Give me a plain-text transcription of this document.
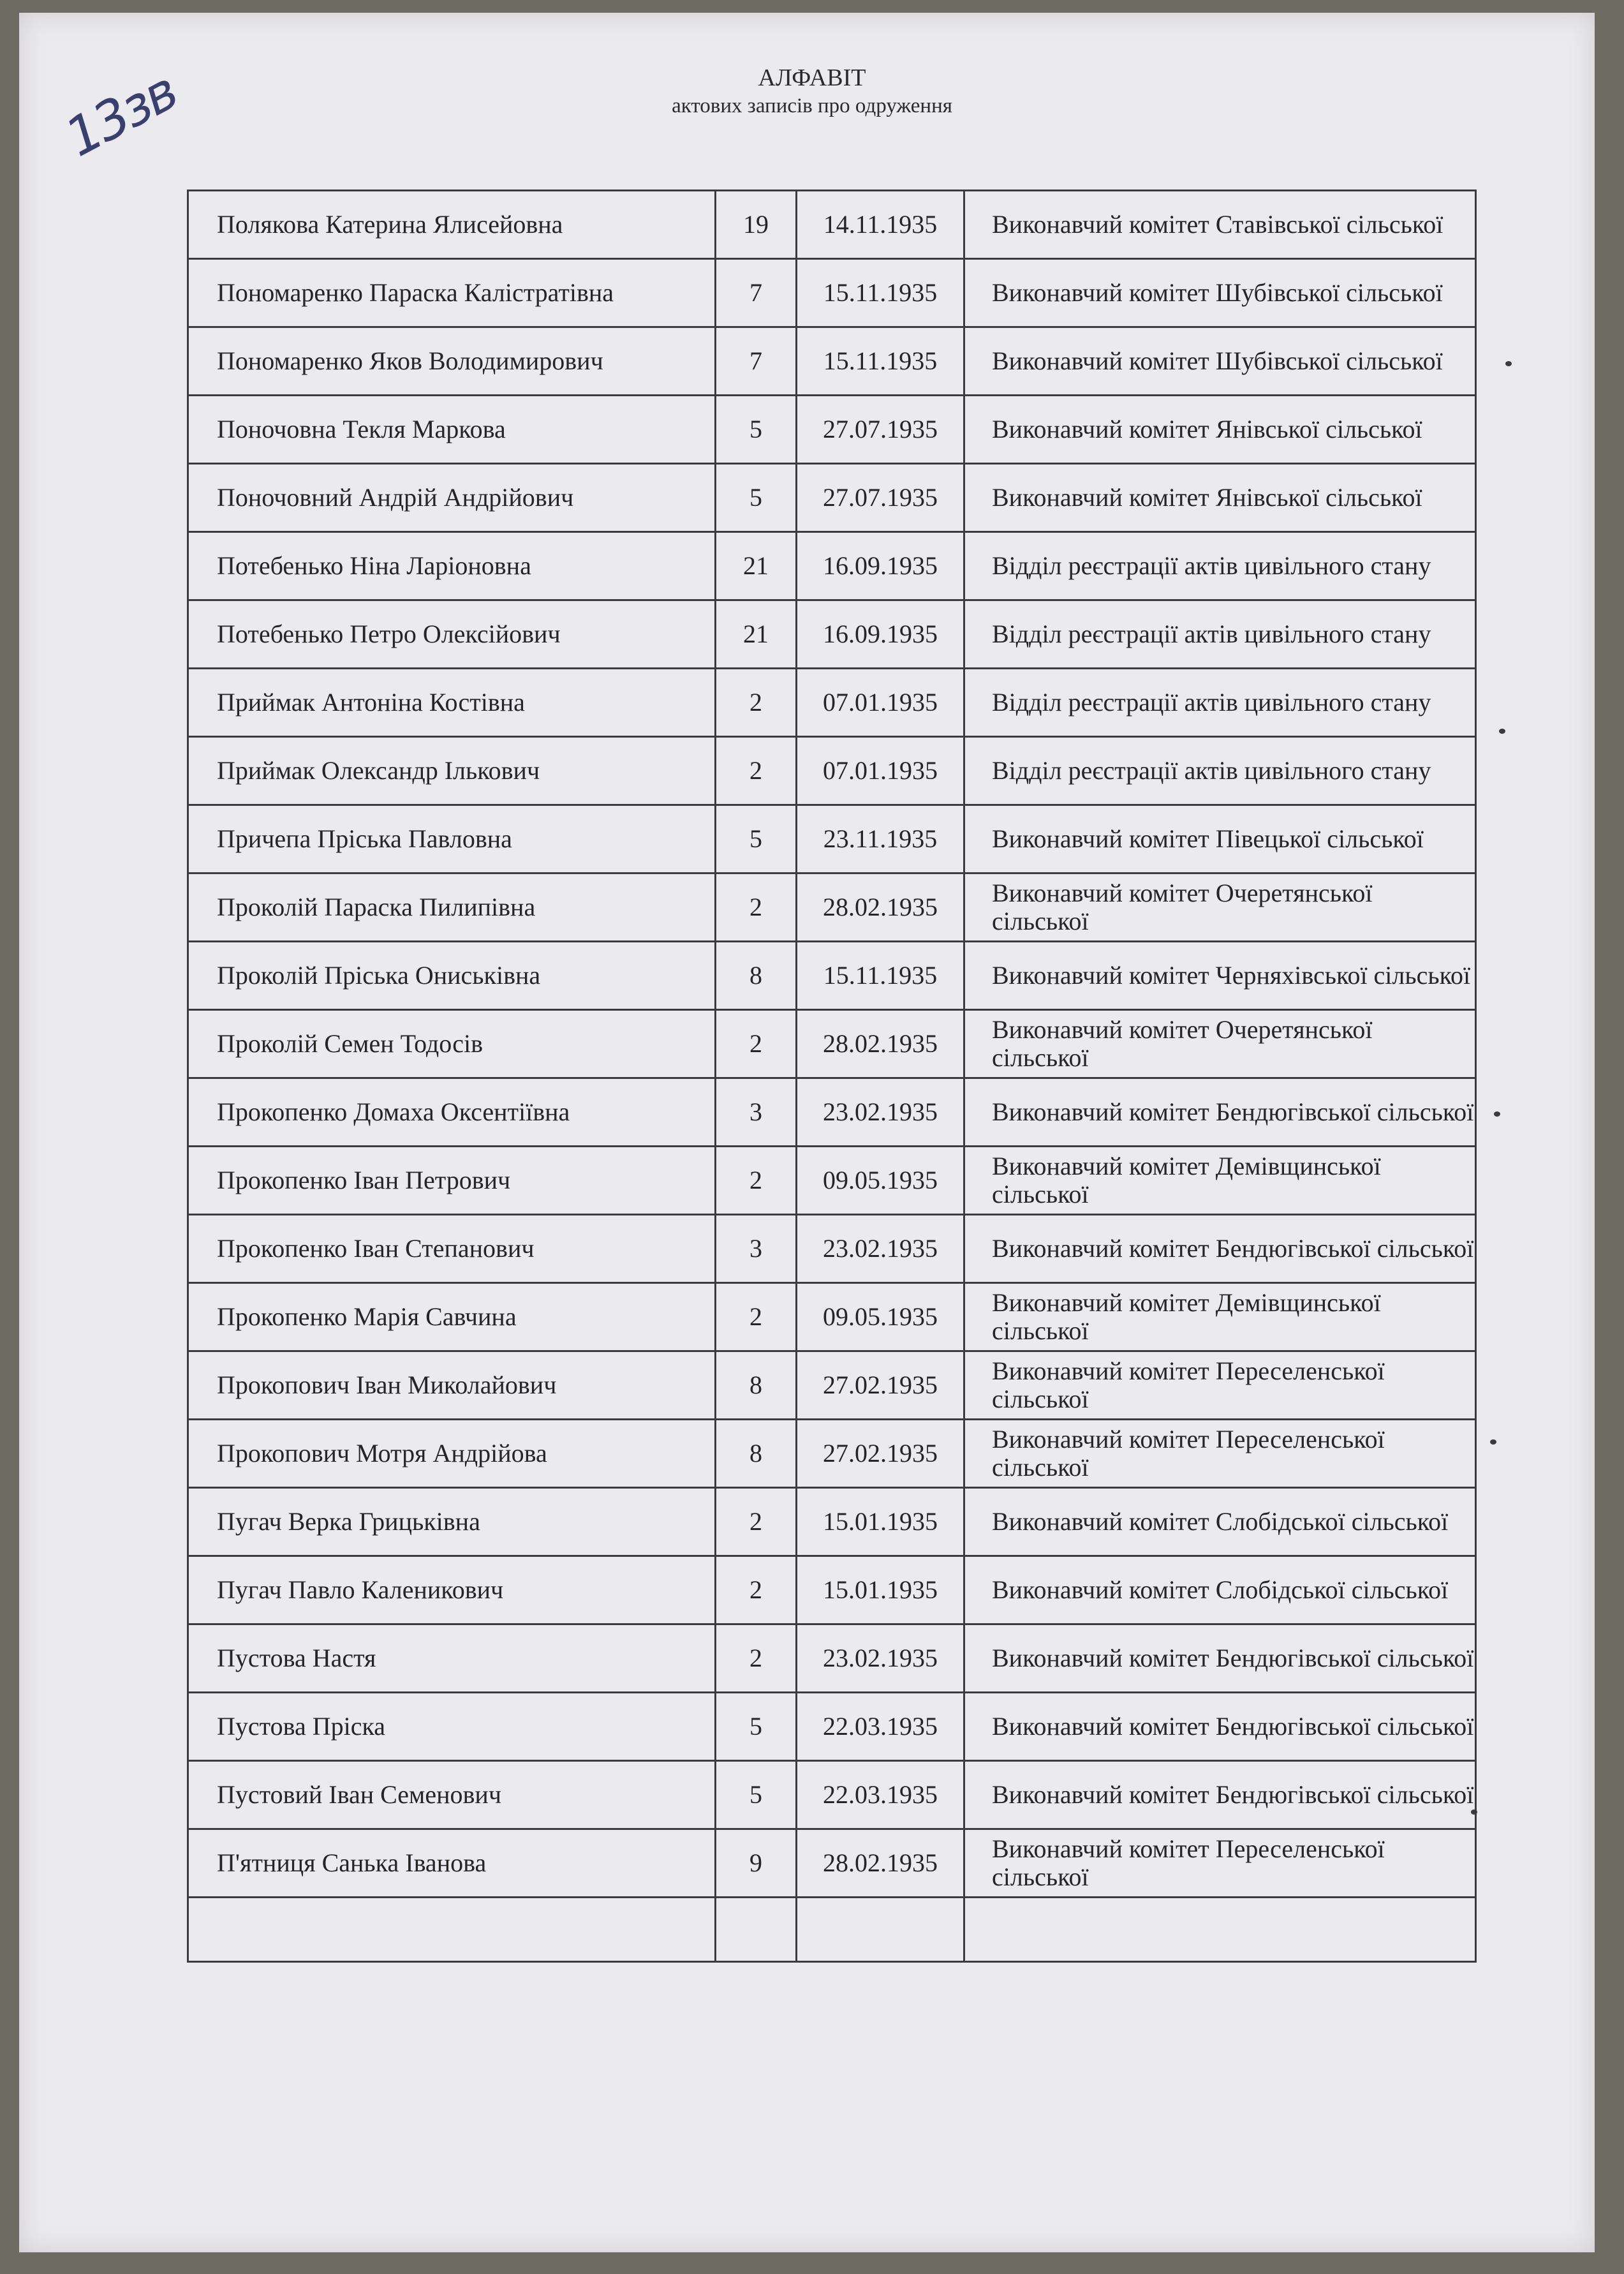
13зв	АЛФАВІТ
актових записів про одруження
Полякова Катерина Ялисейовна	19	14.11.1935	Виконавчий комітет Ставівської сільської

Пономаренко Параска Калістратівна	7	15.11.1935	Виконавчий комітет Шубівської сільської

Пономаренко Яков Володимирович	7	15.11.1935	Виконавчий комітет Шубівської сільської

Поночовна Текля Маркова	5	27.07.1935	Виконавчий комітет Янівської сільської

Поночовний Андрій Андрійович	5	27.07.1935	Виконавчий комітет Янівської сільської

Потебенько Ніна Ларіоновна	21	16.09.1935	Відділ реєстрації актів цивільного стану

Потебенько Петро Олексійович	21	16.09.1935	Відділ реєстрації актів цивільного стану

Приймак Антоніна Костівна	2	07.01.1935	Відділ реєстрації актів цивільного стану

Приймак Олександр Ількович	2	07.01.1935	Відділ реєстрації актів цивільного стану

Причепа Пріська Павловна	5	23.11.1935	Виконавчий комітет Півецької сільської

Проколій Параска Пилипівна	2	28.02.1935	Виконавчий комітет Очеретянської сільської

Проколій Пріська Ониськівна	8	15.11.1935	Виконавчий комітет Черняхівської сільської

Проколій Семен Тодосів	2	28.02.1935	Виконавчий комітет Очеретянської сільської

Прокопенко Домаха Оксентіївна	3	23.02.1935	Виконавчий комітет Бендюгівської сільської

Прокопенко Іван Петрович	2	09.05.1935	Виконавчий комітет Демівщинської сільської

Прокопенко Іван Степанович	3	23.02.1935	Виконавчий комітет Бендюгівської сільської

Прокопенко Марія Савчина	2	09.05.1935	Виконавчий комітет Демівщинської сільської

Прокопович Іван Миколайович	8	27.02.1935	Виконавчий комітет Переселенської сільської

Прокопович Мотря Андрійова	8	27.02.1935	Виконавчий комітет Переселенської сільської

Пугач Верка Грицьківна	2	15.01.1935	Виконавчий комітет Слобідської сільської

Пугач Павло Каленикович	2	15.01.1935	Виконавчий комітет Слобідської сільської

Пустова Настя	2	23.02.1935	Виконавчий комітет Бендюгівської сільської

Пустова Пріска	5	22.03.1935	Виконавчий комітет Бендюгівської сільської

Пустовий Іван Семенович	5	22.03.1935	Виконавчий комітет Бендюгівської сільської

П'ятниця Санька Іванова	9	28.02.1935	Виконавчий комітет Переселенської сільської
